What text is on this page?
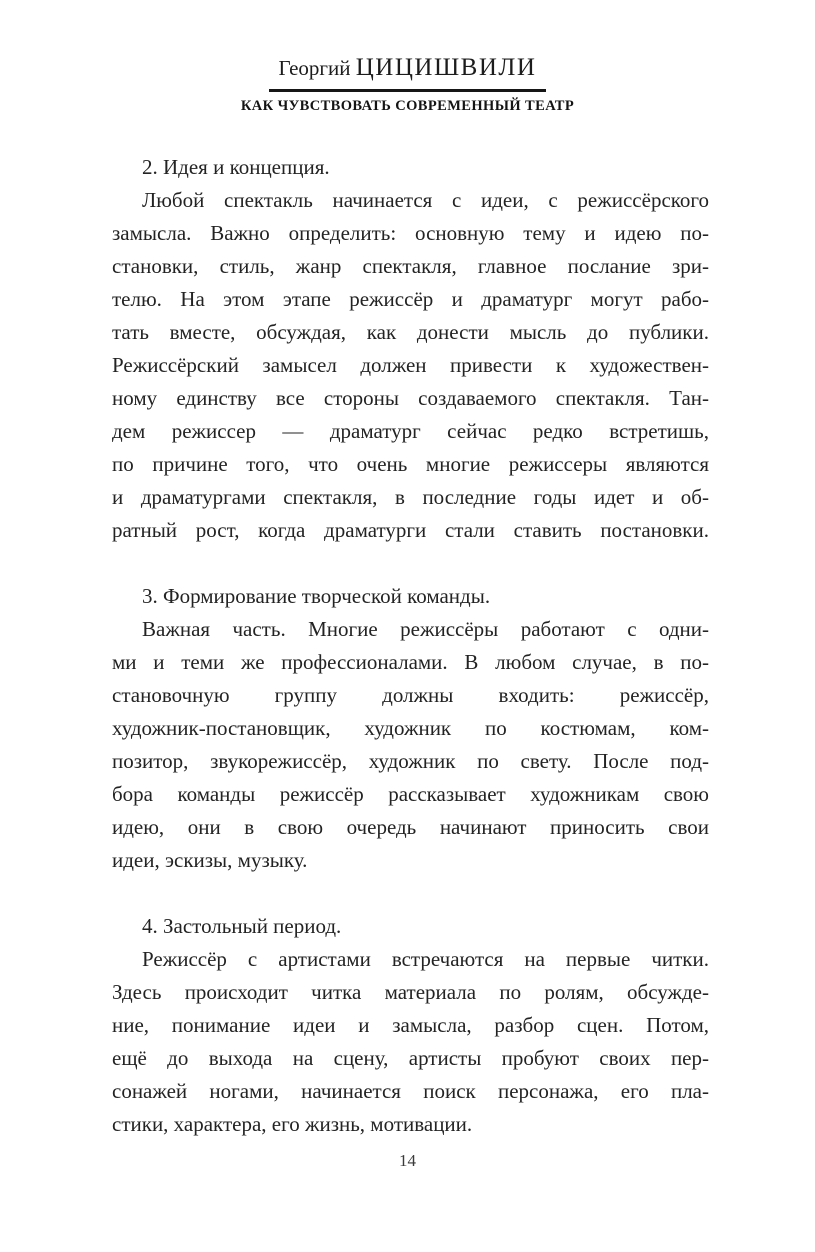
Георгий ЦИЦИШВИЛИ
КАК ЧУВСТВОВАТЬ СОВРЕМЕННЫЙ ТЕАТР
2. Идея и концепция.
Любой спектакль начинается с идеи, с режиссёрского
замысла. Важно определить: основную тему и идею по-
становки, стиль, жанр спектакля, главное послание зри-
телю. На этом этапе режиссёр и драматург могут рабо-
тать вместе, обсуждая, как донести мысль до публики.
Режиссёрский замысел должен привести к художествен-
ному единству все стороны создаваемого спектакля. Тан-
дем режиссер — драматург сейчас редко встретишь,
по причине того, что очень многие режиссеры являются
и драматургами спектакля, в последние годы идет и об-
ратный рост, когда драматурги стали ставить постановки.
3. Формирование творческой команды.
Важная часть. Многие режиссёры работают с одни-
ми и теми же профессионалами. В любом случае, в по-
становочную группу должны входить: режиссёр,
художник-постановщик, художник по костюмам, ком-
позитор, звукорежиссёр, художник по свету. После под-
бора команды режиссёр рассказывает художникам свою
идею, они в свою очередь начинают приносить свои
идеи, эскизы, музыку.
4. Застольный период.
Режиссёр с артистами встречаются на первые читки.
Здесь происходит читка материала по ролям, обсужде-
ние, понимание идеи и замысла, разбор сцен. Потом,
ещё до выхода на сцену, артисты пробуют своих пер-
сонажей ногами, начинается поиск персонажа, его пла-
стики, характера, его жизнь, мотивации.
14
